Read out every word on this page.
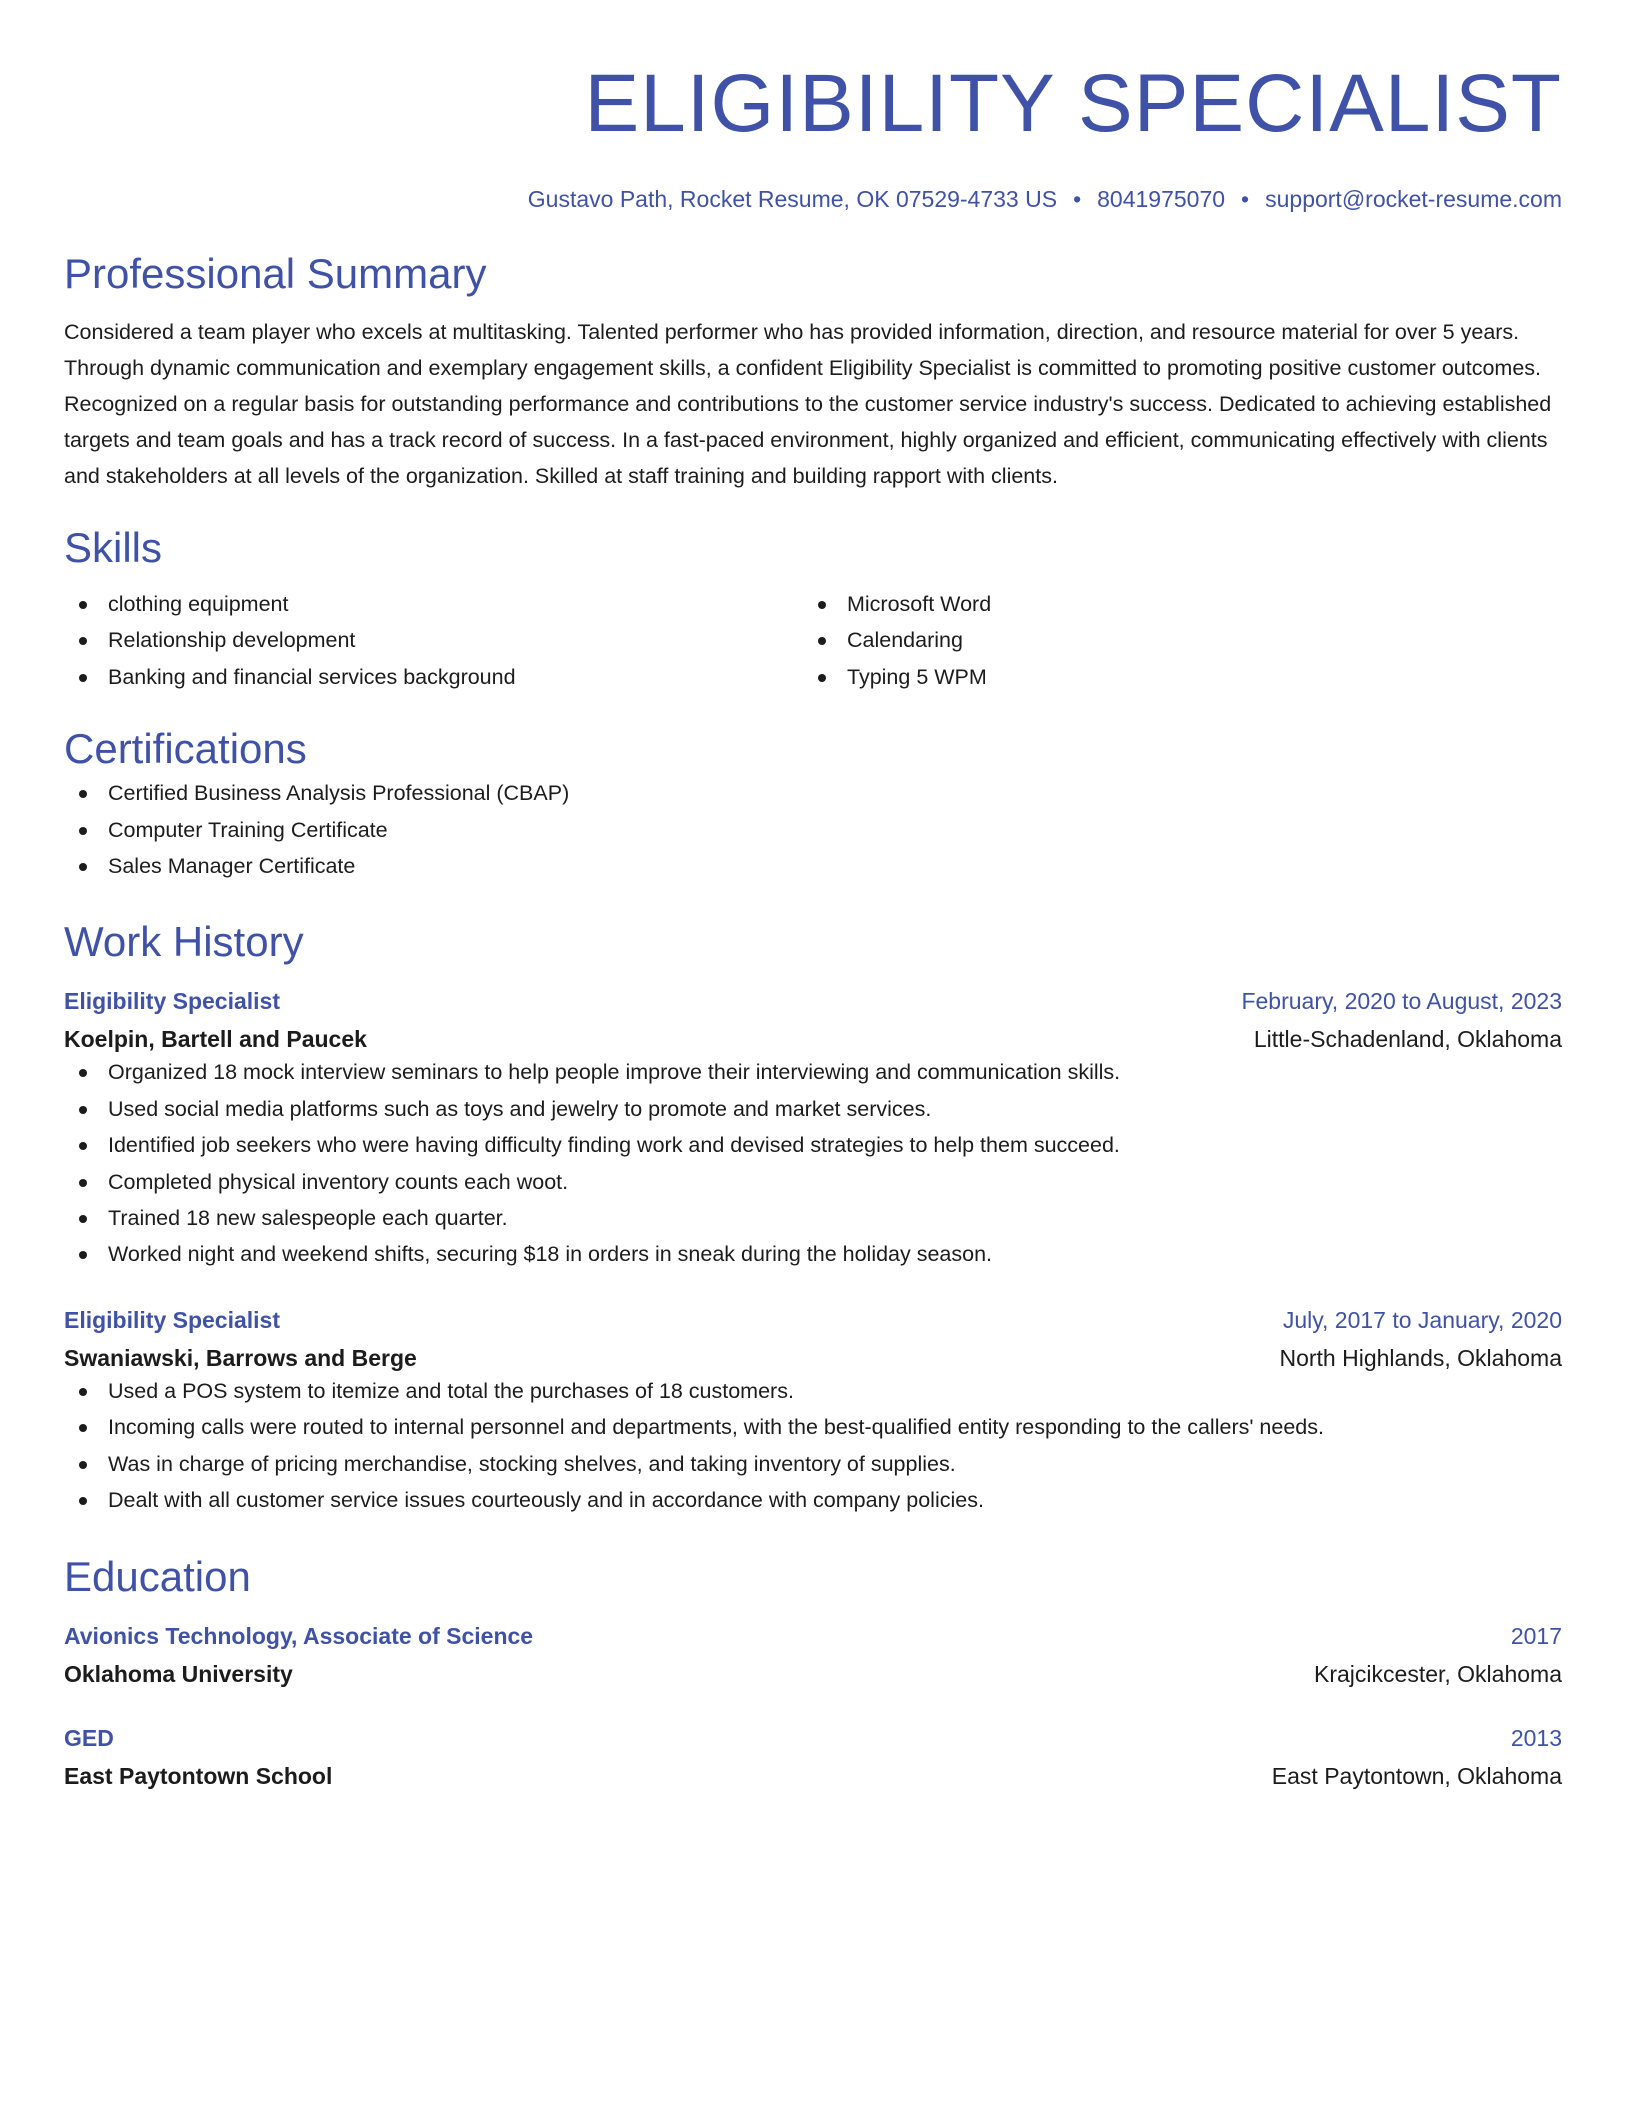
ELIGIBILITY SPECIALIST
Gustavo Path, Rocket Resume, OK 07529-4733 US • 8041975070 • support@rocket-resume.com
Professional Summary
Considered a team player who excels at multitasking. Talented performer who has provided information, direction, and resource material for over 5 years. Through dynamic communication and exemplary engagement skills, a confident Eligibility Specialist is committed to promoting positive customer outcomes. Recognized on a regular basis for outstanding performance and contributions to the customer service industry's success. Dedicated to achieving established targets and team goals and has a track record of success. In a fast-paced environment, highly organized and efficient, communicating effectively with clients and stakeholders at all levels of the organization. Skilled at staff training and building rapport with clients.
Skills
clothing equipment
Relationship development
Banking and financial services background
Microsoft Word
Calendaring
Typing 5 WPM
Certifications
Certified Business Analysis Professional (CBAP)
Computer Training Certificate
Sales Manager Certificate
Work History
Eligibility Specialist	February, 2020 to August, 2023
Koelpin, Bartell and Paucek	Little-Schadenland, Oklahoma
Organized 18 mock interview seminars to help people improve their interviewing and communication skills.
Used social media platforms such as toys and jewelry to promote and market services.
Identified job seekers who were having difficulty finding work and devised strategies to help them succeed.
Completed physical inventory counts each woot.
Trained 18 new salespeople each quarter.
Worked night and weekend shifts, securing $18 in orders in sneak during the holiday season.
Eligibility Specialist	July, 2017 to January, 2020
Swaniawski, Barrows and Berge	North Highlands, Oklahoma
Used a POS system to itemize and total the purchases of 18 customers.
Incoming calls were routed to internal personnel and departments, with the best-qualified entity responding to the callers' needs.
Was in charge of pricing merchandise, stocking shelves, and taking inventory of supplies.
Dealt with all customer service issues courteously and in accordance with company policies.
Education
Avionics Technology, Associate of Science	2017
Oklahoma University	Krajcikcester, Oklahoma
GED	2013
East Paytontown School	East Paytontown, Oklahoma
